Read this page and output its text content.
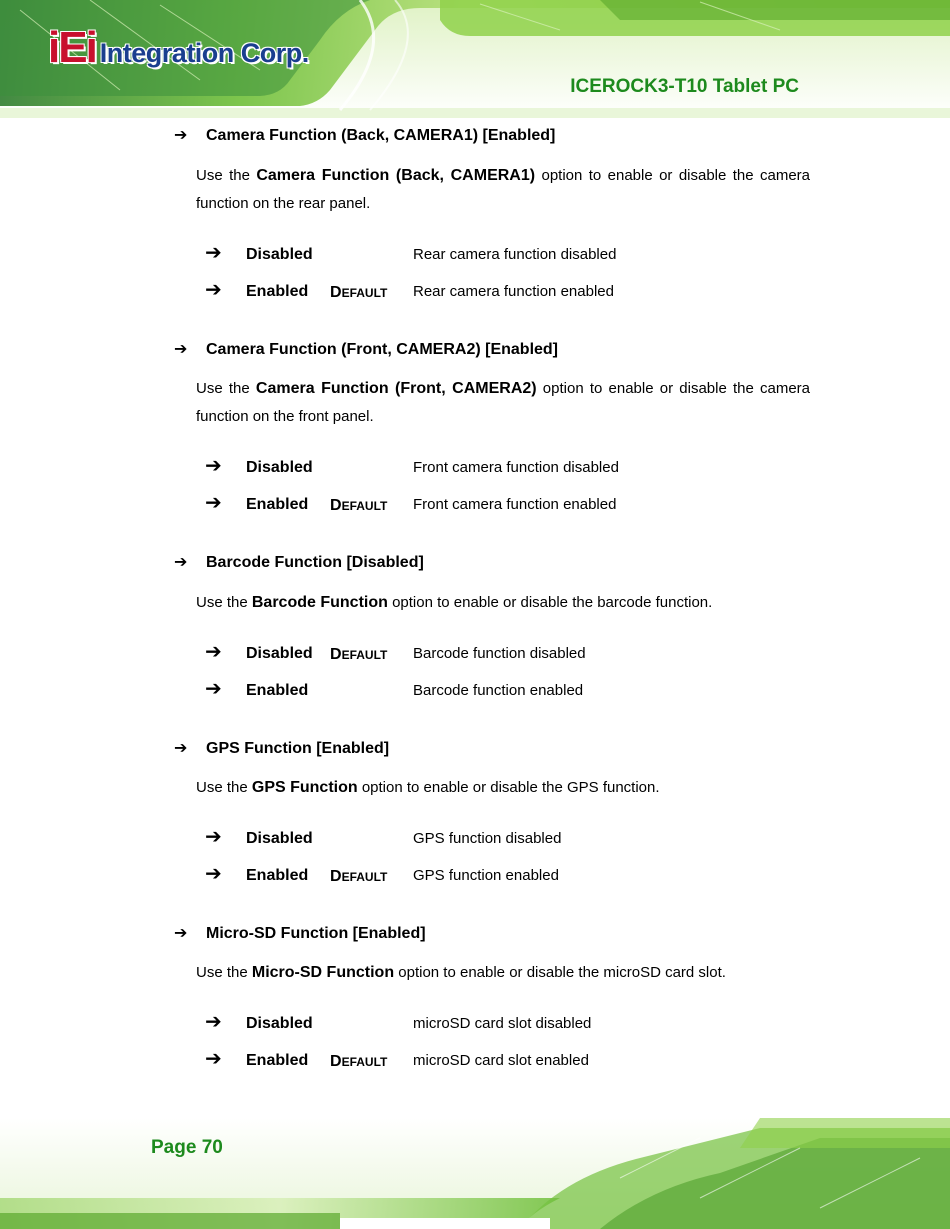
iEi Integration Corp.
ICEROCK3-T10 Tablet PC
➔ Camera Function (Back, CAMERA1) [Enabled]
Use the Camera Function (Back, CAMERA1) option to enable or disable the camera function on the rear panel.
➔ Disabled	Rear camera function disabled
➔ Enabled DEFAULT Rear camera function enabled
➔ Camera Function (Front, CAMERA2) [Enabled]
Use the Camera Function (Front, CAMERA2) option to enable or disable the camera function on the front panel.
➔ Disabled	Front camera function disabled
➔ Enabled DEFAULT Front camera function enabled
➔ Barcode Function [Disabled]
Use the Barcode Function option to enable or disable the barcode function.
➔ Disabled DEFAULT Barcode function disabled
➔ Enabled	Barcode function enabled
➔ GPS Function [Enabled]
Use the GPS Function option to enable or disable the GPS function.
➔ Disabled	GPS function disabled
➔ Enabled DEFAULT GPS function enabled
➔ Micro-SD Function [Enabled]
Use the Micro-SD Function option to enable or disable the microSD card slot.
➔ Disabled	microSD card slot disabled
➔ Enabled DEFAULT microSD card slot enabled
Page 70
